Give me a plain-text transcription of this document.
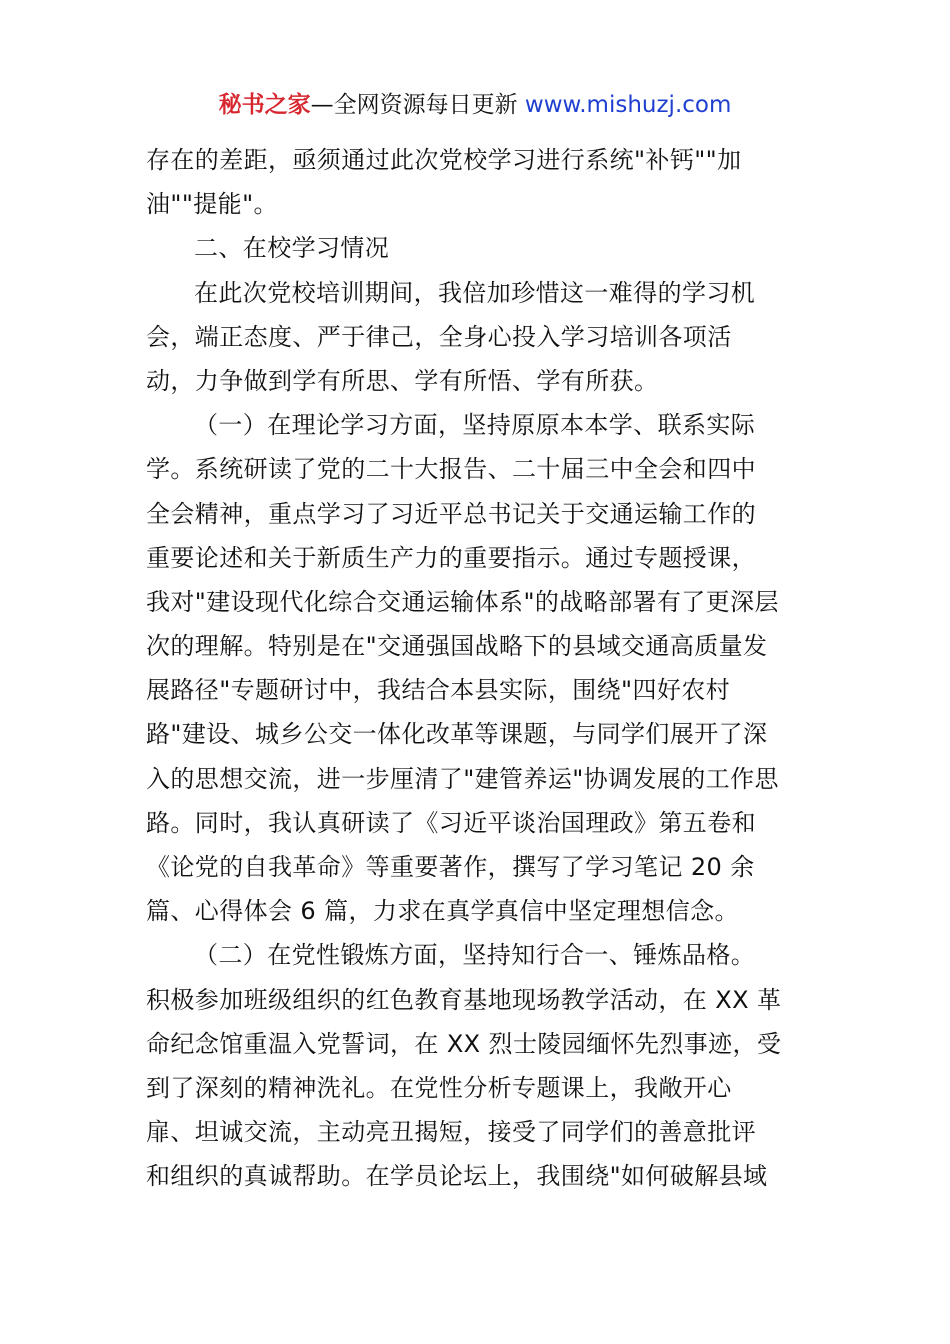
秘书之家—全网资源每日更新 www.mishuzj.com
存在的差距，亟须通过此次党校学习进行系统"补钙""加
油""提能"。
二、在校学习情况
在此次党校培训期间，我倍加珍惜这一难得的学习机
会，端正态度、严于律己，全身心投入学习培训各项活
动，力争做到学有所思、学有所悟、学有所获。
（一）在理论学习方面，坚持原原本本学、联系实际
学。系统研读了党的二十大报告、二十届三中全会和四中
全会精神，重点学习了习近平总书记关于交通运输工作的
重要论述和关于新质生产力的重要指示。通过专题授课，
我对"建设现代化综合交通运输体系"的战略部署有了更深层
次的理解。特别是在"交通强国战略下的县域交通高质量发
展路径"专题研讨中，我结合本县实际，围绕"四好农村
路"建设、城乡公交一体化改革等课题，与同学们展开了深
入的思想交流，进一步厘清了"建管养运"协调发展的工作思
路。同时，我认真研读了《习近平谈治国理政》第五卷和
《论党的自我革命》等重要著作，撰写了学习笔记 20 余
篇、心得体会 6 篇，力求在真学真信中坚定理想信念。
（二）在党性锻炼方面，坚持知行合一、锤炼品格。
积极参加班级组织的红色教育基地现场教学活动，在 XX 革
命纪念馆重温入党誓词，在 XX 烈士陵园缅怀先烈事迹，受
到了深刻的精神洗礼。在党性分析专题课上，我敞开心
扉、坦诚交流，主动亮丑揭短，接受了同学们的善意批评
和组织的真诚帮助。在学员论坛上，我围绕"如何破解县域
